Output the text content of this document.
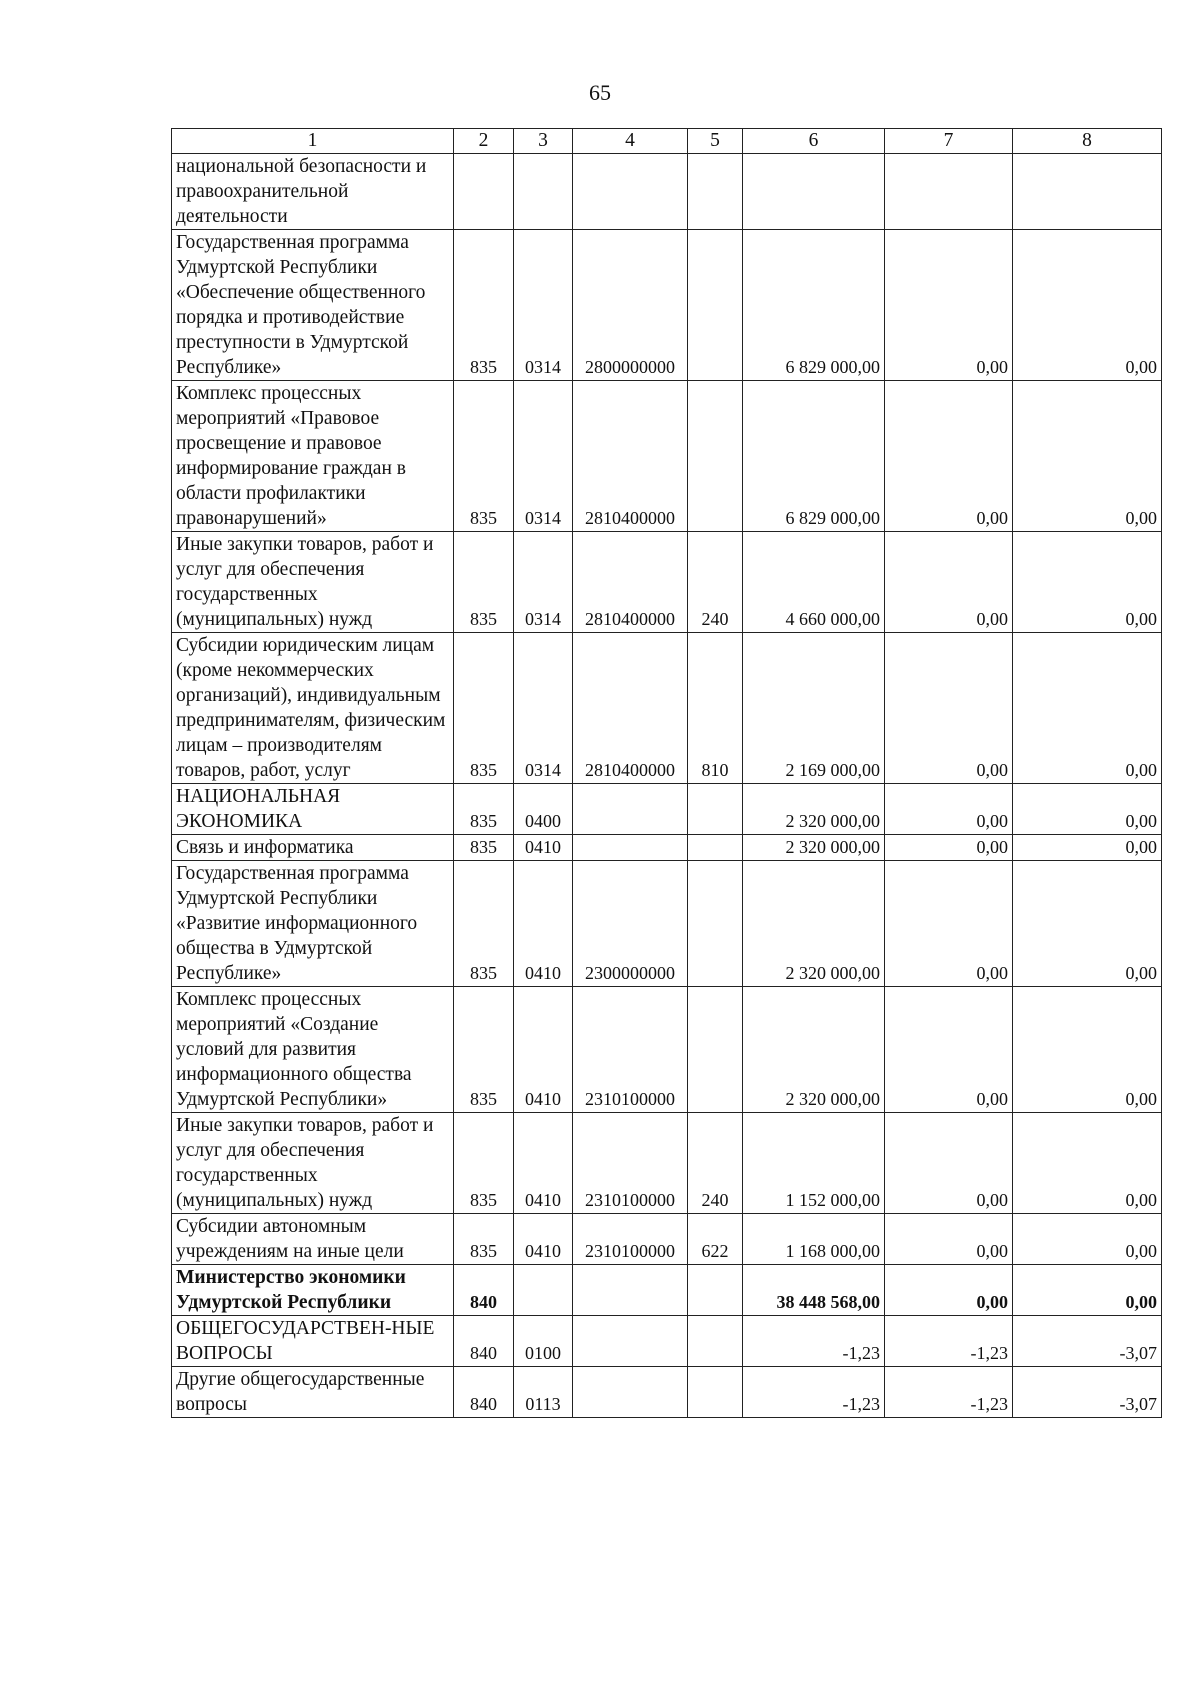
65
1	2	3	4	5	6	7	8
национальной безопасности и правоохранительной деятельности							
Государственная программа Удмуртской Республики «Обеспечение общественного порядка и противодействие преступности в Удмуртской Республике»	835	0314	2800000000		6 829 000,00	0,00	0,00
Комплекс процессных мероприятий «Правовое просвещение и правовое информирование граждан в области профилактики правонарушений»	835	0314	2810400000		6 829 000,00	0,00	0,00
Иные закупки товаров, работ и услуг для обеспечения государственных (муниципальных) нужд	835	0314	2810400000	240	4 660 000,00	0,00	0,00
Субсидии юридическим лицам (кроме некоммерческих организаций), индивидуальным предпринимателям, физическим лицам – производителям товаров, работ, услуг	835	0314	2810400000	810	2 169 000,00	0,00	0,00
НАЦИОНАЛЬНАЯ ЭКОНОМИКА	835	0400			2 320 000,00	0,00	0,00
Связь и информатика	835	0410			2 320 000,00	0,00	0,00
Государственная программа Удмуртской Республики «Развитие информационного общества в Удмуртской Республике»	835	0410	2300000000		2 320 000,00	0,00	0,00
Комплекс процессных мероприятий «Создание условий для развития информационного общества Удмуртской Республики»	835	0410	2310100000		2 320 000,00	0,00	0,00
Иные закупки товаров, работ и услуг для обеспечения государственных (муниципальных) нужд	835	0410	2310100000	240	1 152 000,00	0,00	0,00
Субсидии автономным учреждениям на иные цели	835	0410	2310100000	622	1 168 000,00	0,00	0,00
Министерство экономики Удмуртской Республики	840				38 448 568,00	0,00	0,00
ОБЩЕГОСУДАРСТВЕН-НЫЕ ВОПРОСЫ	840	0100			-1,23	-1,23	-3,07
Другие общегосударственные вопросы	840	0113			-1,23	-1,23	-3,07
